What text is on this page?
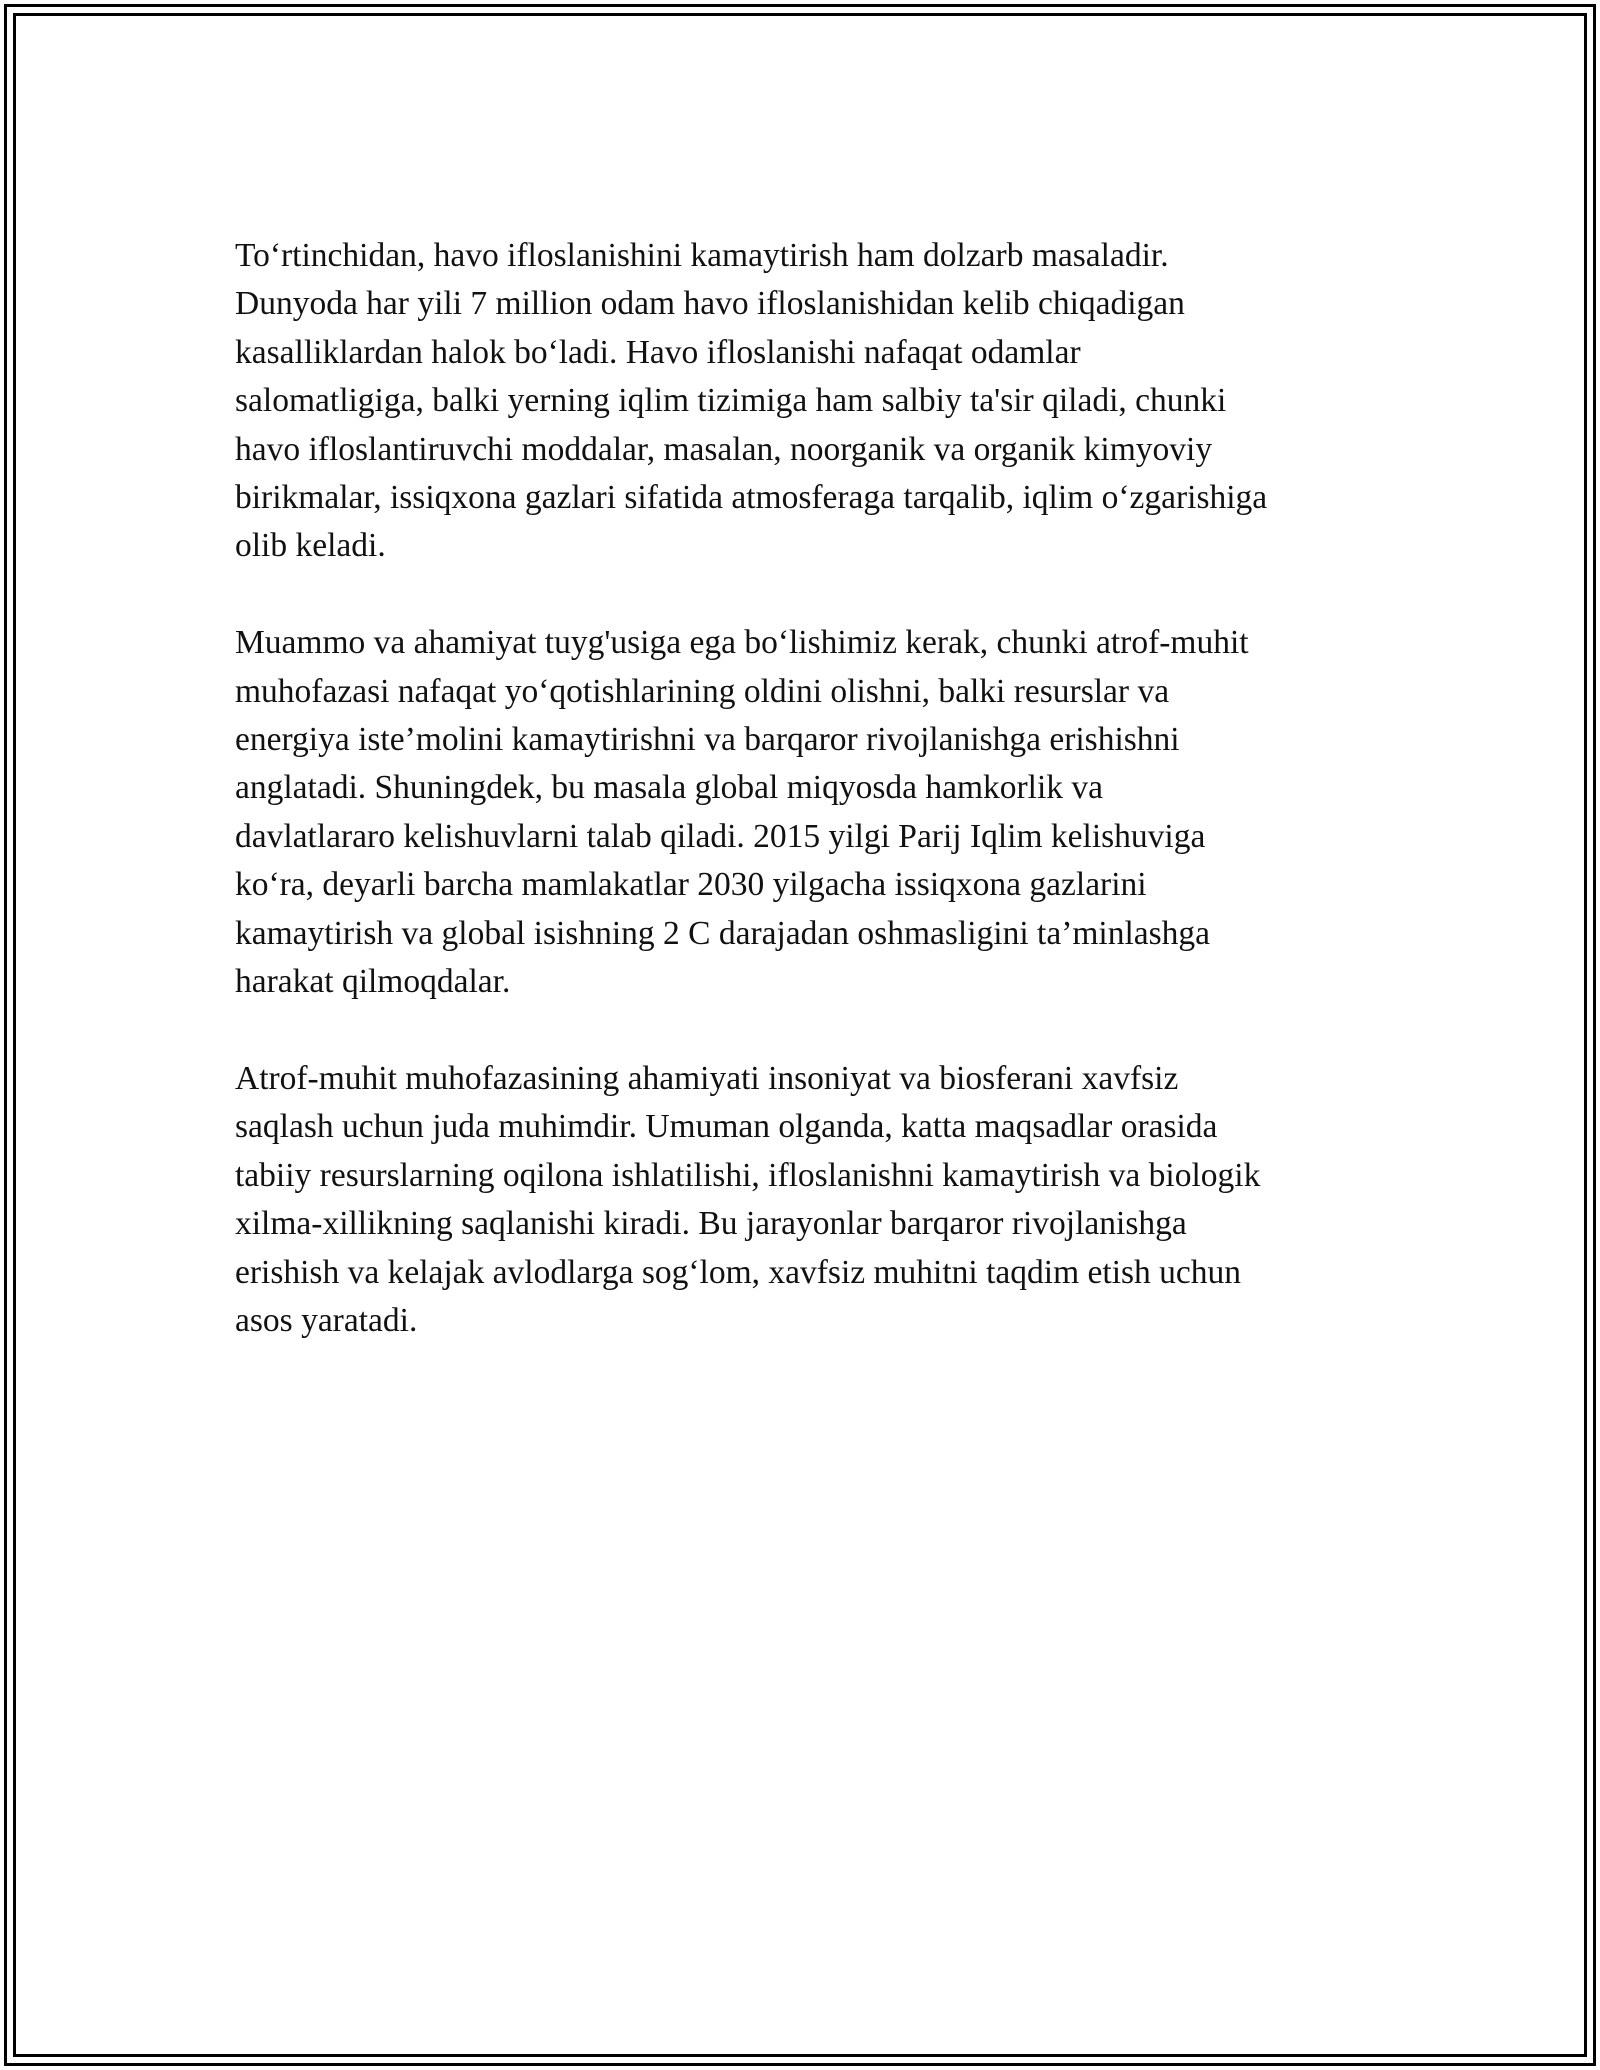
To‘rtinchidan, havo ifloslanishini kamaytirish ham dolzarb masaladir.
Dunyoda har yili 7 million odam havo ifloslanishidan kelib chiqadigan
kasalliklardan halok bo‘ladi. Havo ifloslanishi nafaqat odamlar
salomatligiga, balki yerning iqlim tizimiga ham salbiy ta'sir qiladi, chunki
havo ifloslantiruvchi moddalar, masalan, noorganik va organik kimyoviy
birikmalar, issiqxona gazlari sifatida atmosferaga tarqalib, iqlim o‘zgarishiga
olib keladi.

Muammo va ahamiyat tuyg'usiga ega bo‘lishimiz kerak, chunki atrof-muhit
muhofazasi nafaqat yo‘qotishlarining oldini olishni, balki resurslar va
energiya iste’molini kamaytirishni va barqaror rivojlanishga erishishni
anglatadi. Shuningdek, bu masala global miqyosda hamkorlik va
davlatlararo kelishuvlarni talab qiladi. 2015 yilgi Parij Iqlim kelishuviga
ko‘ra, deyarli barcha mamlakatlar 2030 yilgacha issiqxona gazlarini
kamaytirish va global isishning 2 C darajadan oshmasligini ta’minlashga
harakat qilmoqdalar.

Atrof-muhit muhofazasining ahamiyati insoniyat va biosferani xavfsiz
saqlash uchun juda muhimdir. Umuman olganda, katta maqsadlar orasida
tabiiy resurslarning oqilona ishlatilishi, ifloslanishni kamaytirish va biologik
xilma-xillikning saqlanishi kiradi. Bu jarayonlar barqaror rivojlanishga
erishish va kelajak avlodlarga sog‘lom, xavfsiz muhitni taqdim etish uchun
asos yaratadi.
